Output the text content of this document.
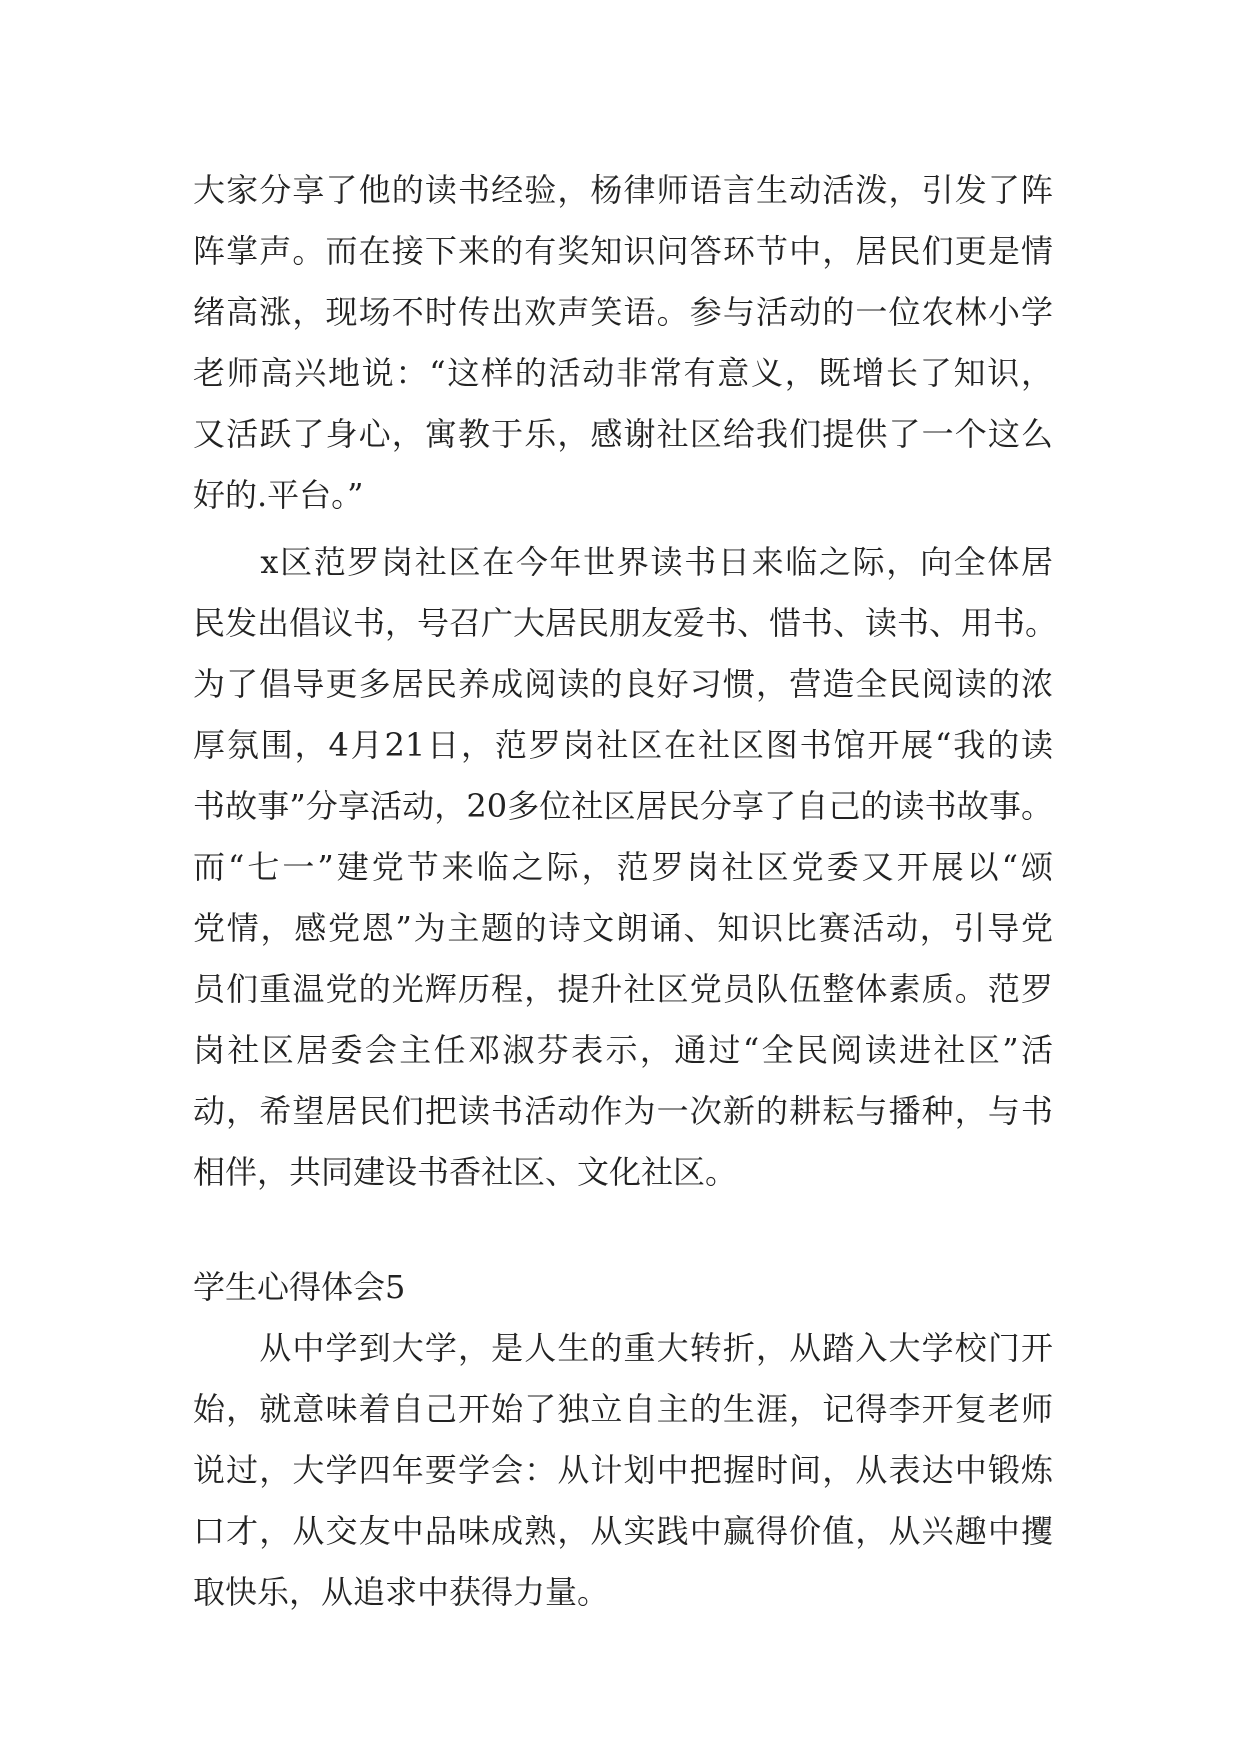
大家分享了他的读书经验，杨律师语言生动活泼，引发了阵
阵掌声。而在接下来的有奖知识问答环节中，居民们更是情
绪高涨，现场不时传出欢声笑语。参与活动的一位农林小学
老师高兴地说：“这样的活动非常有意义，既增长了知识，
又活跃了身心，寓教于乐，感谢社区给我们提供了一个这么
好的.平台。”
　　x区范罗岗社区在今年世界读书日来临之际，向全体居
民发出倡议书，号召广大居民朋友爱书、惜书、读书、用书。
为了倡导更多居民养成阅读的良好习惯，营造全民阅读的浓
厚氛围，4月21日，范罗岗社区在社区图书馆开展“我的读
书故事”分享活动，20多位社区居民分享了自己的读书故事。
而“七一”建党节来临之际，范罗岗社区党委又开展以“颂
党情，感党恩”为主题的诗文朗诵、知识比赛活动，引导党
员们重温党的光辉历程，提升社区党员队伍整体素质。范罗
岗社区居委会主任邓淑芬表示，通过“全民阅读进社区”活
动，希望居民们把读书活动作为一次新的耕耘与播种，与书
相伴，共同建设书香社区、文化社区。
学生心得体会5
　　从中学到大学，是人生的重大转折，从踏入大学校门开
始，就意味着自己开始了独立自主的生涯，记得李开复老师
说过，大学四年要学会：从计划中把握时间，从表达中锻炼
口才，从交友中品味成熟，从实践中赢得价值，从兴趣中攫
取快乐，从追求中获得力量。
